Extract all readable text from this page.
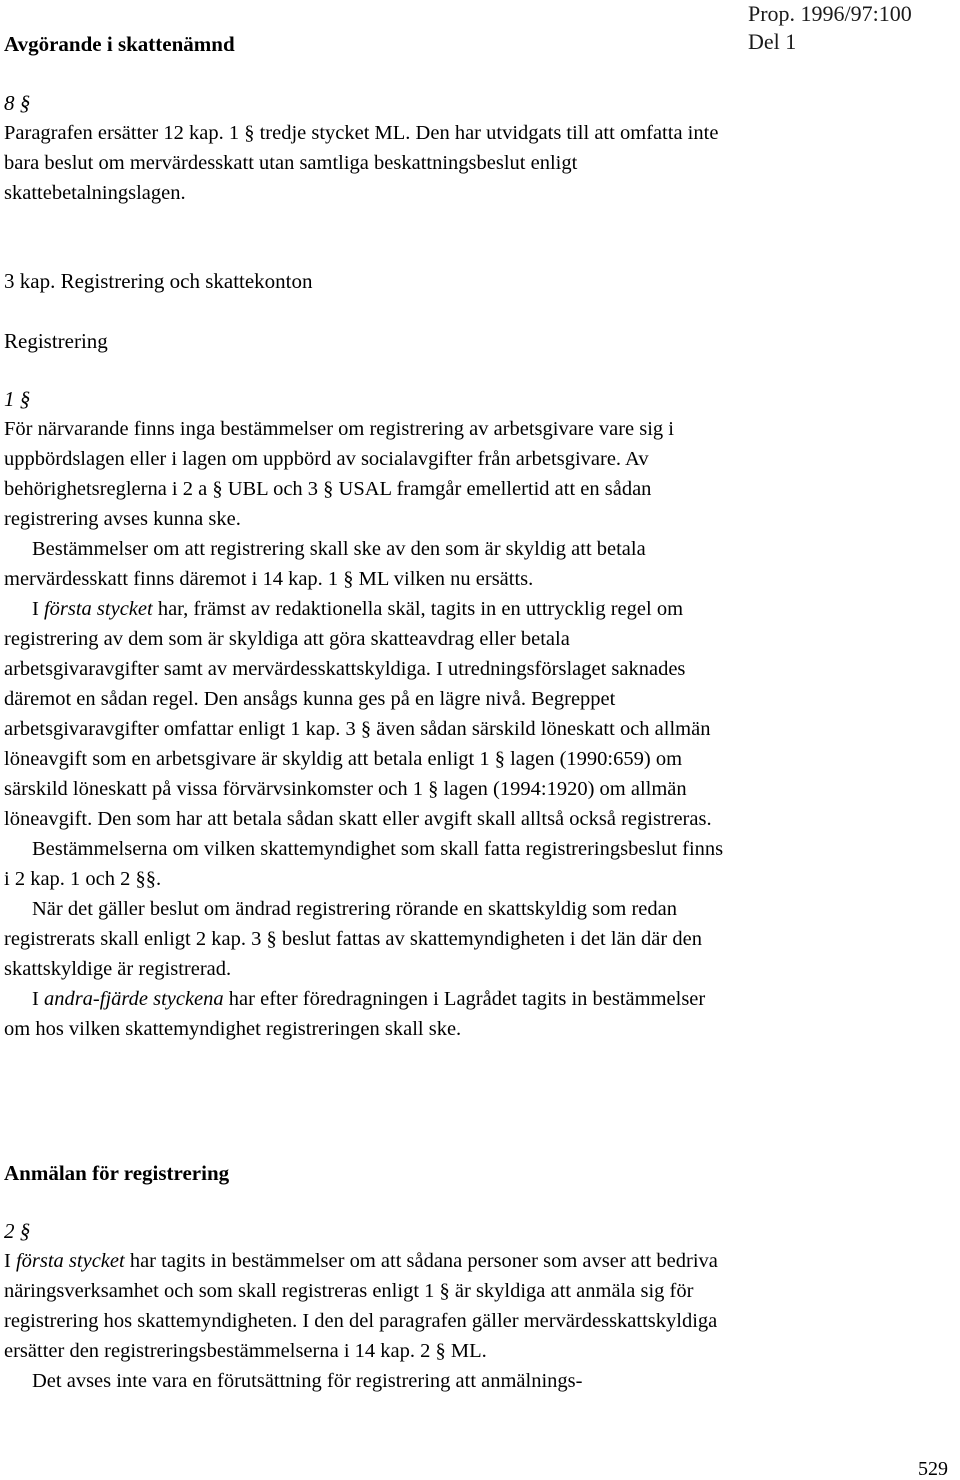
Avgörande i skattenämnd
Prop. 1996/97:100
Del 1

8 §

Paragrafen ersätter 12 kap. 1 § tredje stycket ML. Den har utvidgats till att omfatta inte bara beslut om mervärdesskatt utan samtliga beskattningsbeslut enligt skattebetalningslagen.

3 kap. Registrering och skattekonton
Registrering

1 §

För närvarande finns inga bestämmelser om registrering av arbetsgivare vare sig i uppbördslagen eller i lagen om uppbörd av socialavgifter från arbetsgivare. Av behörighetsreglerna i 2 a § UBL och 3 § USAL framgår emellertid att en sådan registrering avses kunna ske.

Bestämmelser om att registrering skall ske av den som är skyldig att betala mervärdesskatt finns däremot i 14 kap. 1 § ML vilken nu ersätts.

I första stycket har, främst av redaktionella skäl, tagits in en uttrycklig regel om registrering av dem som är skyldiga att göra skatteavdrag eller betala arbetsgivaravgifter samt av mervärdesskattskyldiga. I utredningsförslaget saknades däremot en sådan regel. Den ansågs kunna ges på en lägre nivå. Begreppet arbetsgivaravgifter omfattar enligt 1 kap. 3 § även sådan särskild löneskatt och allmän löneavgift som en arbetsgivare är skyldig att betala enligt 1 § lagen (1990:659) om särskild löneskatt på vissa förvärvsinkomster och 1 § lagen (1994:1920) om allmän löneavgift. Den som har att betala sådan skatt eller avgift skall alltså också registreras.

Bestämmelserna om vilken skattemyndighet som skall fatta registreringsbeslut finns i 2 kap. 1 och 2 §§.

När det gäller beslut om ändrad registrering rörande en skattskyldig som redan registrerats skall enligt 2 kap. 3 § beslut fattas av skattemyndigheten i det län där den skattskyldige är registrerad.

I andra-fjärde styckena har efter föredragningen i Lagrådet tagits in bestämmelser om hos vilken skattemyndighet registreringen skall ske.

Anmälan för registrering

2 §

I första stycket har tagits in bestämmelser om att sådana personer som avser att bedriva näringsverksamhet och som skall registreras enligt 1 § är skyldiga att anmäla sig för registrering hos skattemyndigheten. I den del paragrafen gäller mervärdesskattskyldiga ersätter den registreringsbestämmelserna i 14 kap. 2 § ML.

Det avses inte vara en förutsättning för registrering att anmälnings-

529
